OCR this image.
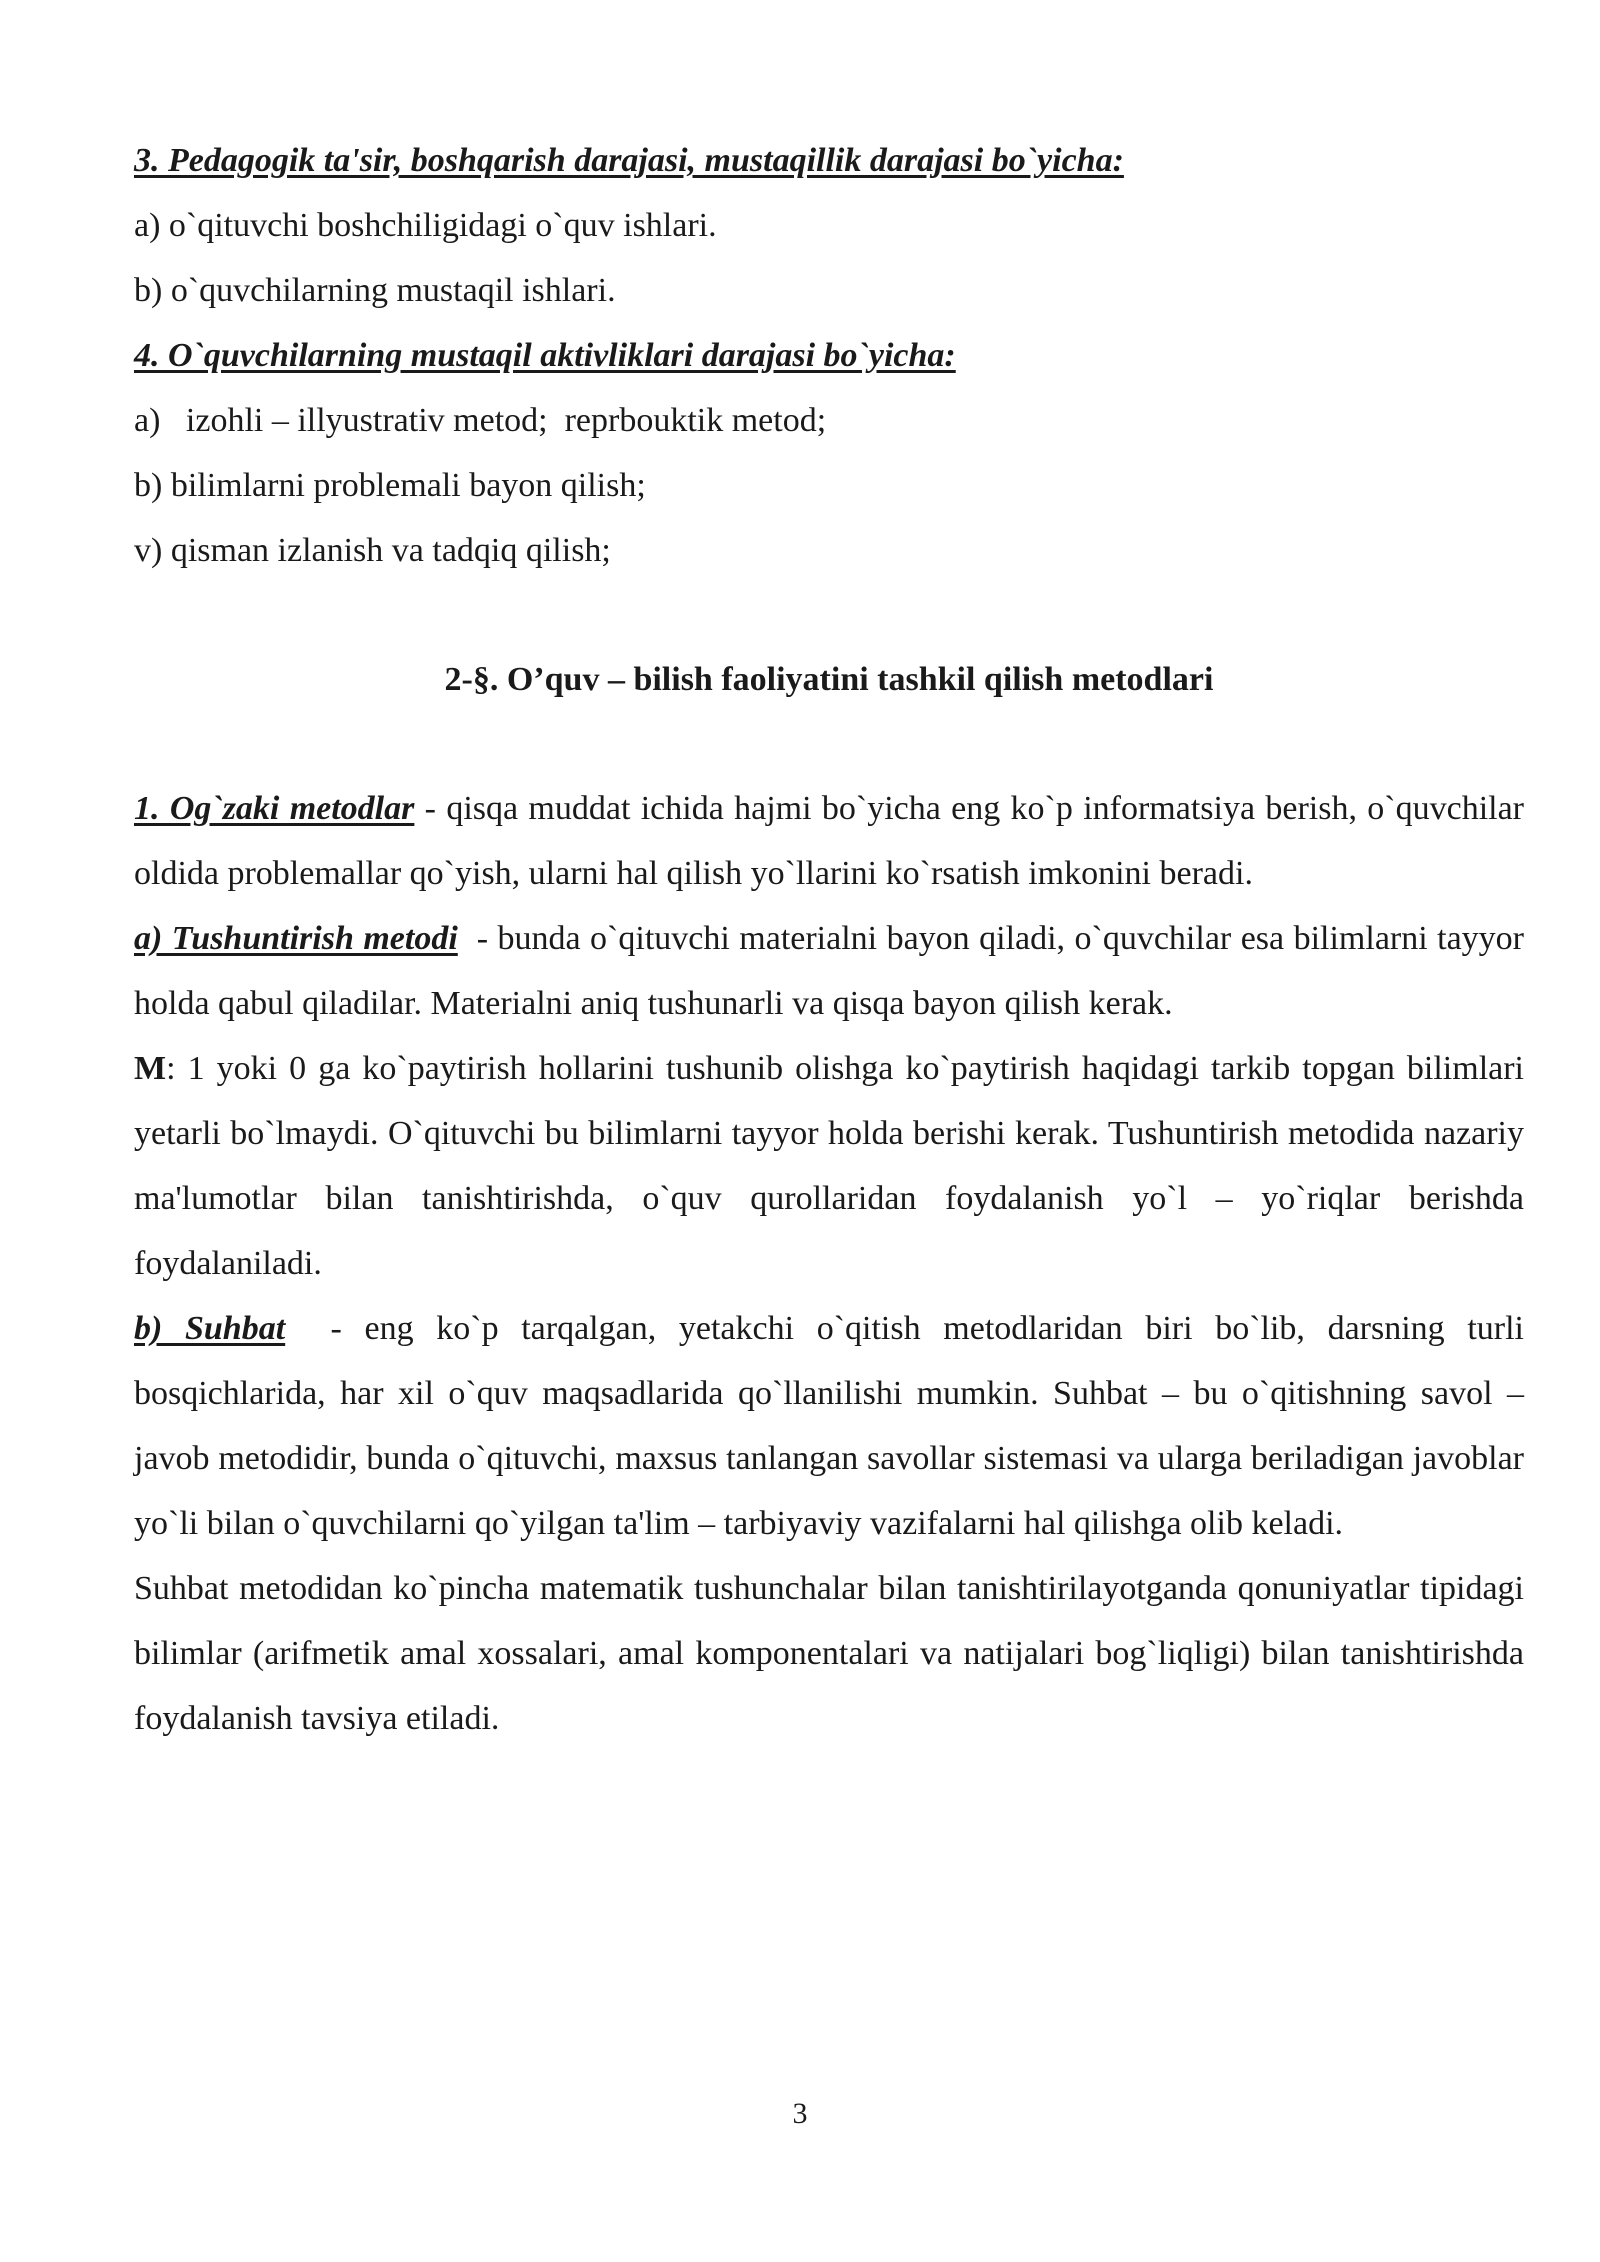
3. Pedagogik ta'sir, boshqarish darajasi, mustaqillik darajasi bo`yicha:
a) o`qituvchi boshchiligidagi o`quv ishlari.
b) o`quvchilarning mustaqil ishlari.
4. O`quvchilarning mustaqil aktivliklari darajasi bo`yicha:
a)   izohli – illyustrativ metod;  reprbouktik metod;
b) bilimlarni problemali bayon qilish;
v) qisman izlanish va tadqiq qilish;
2-§. O’quv – bilish faoliyatini tashkil qilish metodlari
1. Og`zaki metodlar - qisqa muddat ichida hajmi bo`yicha eng ko`p informatsiya berish, o`quvchilar oldida problemallar qo`yish, ularni hal qilish yo`llarini ko`rsatish imkonini beradi.
a) Tushuntirish metodi  - bunda o`qituvchi materialni bayon qiladi, o`quvchilar esa bilimlarni tayyor holda qabul qiladilar. Materialni aniq tushunarli va qisqa bayon qilish kerak.
M: 1 yoki 0 ga ko`paytirish hollarini tushunib olishga ko`paytirish haqidagi tarkib topgan bilimlari yetarli bo`lmaydi. O`qituvchi bu bilimlarni tayyor holda berishi kerak. Tushuntirish metodida nazariy ma'lumotlar bilan tanishtirishda, o`quv qurollaridan foydalanish yo`l – yo`riqlar berishda foydalaniladi.
b) Suhbat  - eng ko`p tarqalgan, yetakchi o`qitish metodlaridan biri bo`lib, darsning turli bosqichlarida, har xil o`quv maqsadlarida qo`llanilishi mumkin. Suhbat – bu o`qitishning savol – javob metodidir, bunda o`qituvchi, maxsus tanlangan savollar sistemasi va ularga beriladigan javoblar yo`li bilan o`quvchilarni qo`yilgan ta'lim – tarbiyaviy vazifalarni hal qilishga olib keladi.
Suhbat metodidan ko`pincha matematik tushunchalar bilan tanishtirilayotganda qonuniyatlar tipidagi bilimlar (arifmetik amal xossalari, amal komponentalari va natijalari bog`liqligi) bilan tanishtirishda foydalanish tavsiya etiladi.
3
